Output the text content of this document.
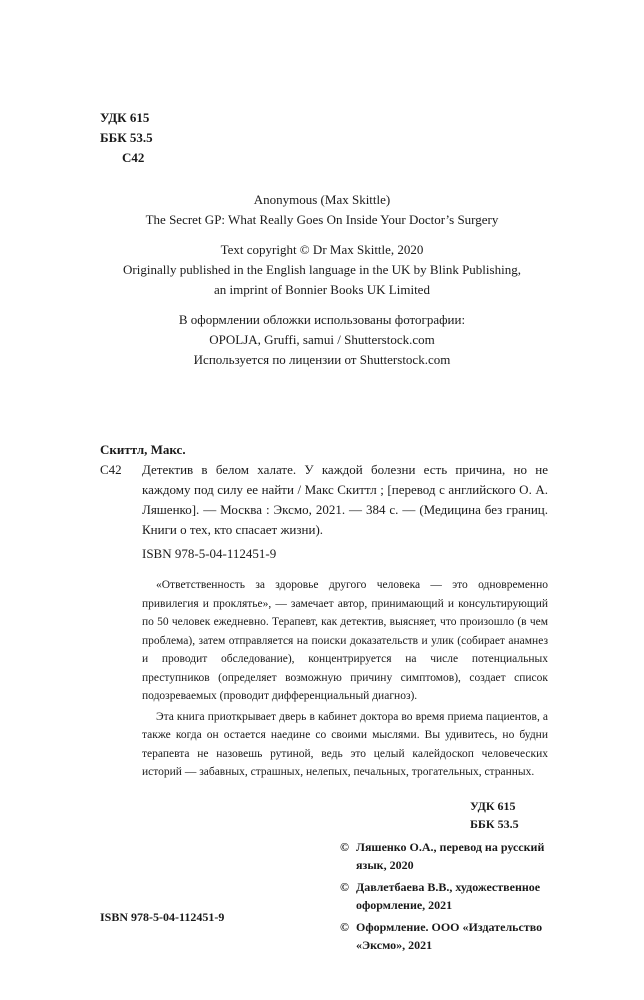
УДК 615
ББК 53.5
С42
Anonymous (Max Skittle)
The Secret GP: What Really Goes On Inside Your Doctor’s Surgery
Text copyright © Dr Max Skittle, 2020
Originally published in the English language in the UK by Blink Publishing,
an imprint of Bonnier Books UK Limited
В оформлении обложки использованы фотографии:
OPOLJA, Gruffi, samui / Shutterstock.com
Используется по лицензии от Shutterstock.com
Скиттл, Макс.
С42	Детектив в белом халате. У каждой болезни есть причина, но не каждому под силу ее найти / Макс Скиттл ; [перевод с английского О. А. Ляшенко]. — Москва : Эксмо, 2021. — 384 с. — (Медицина без границ. Книги о тех, кто спасает жизни).
ISBN 978-5-04-112451-9

«Ответственность за здоровье другого человека — это одновременно привилегия и проклятье», — замечает автор, принимающий и консультирующий по 50 человек ежедневно. Терапевт, как детектив, выясняет, что произошло (в чем проблема), затем отправляется на поиски доказательств и улик (собирает анамнез и проводит обследование), концентрируется на числе потенциальных преступников (определяет возможную причину симптомов), создает список подозреваемых (проводит дифференциальный диагноз).

Эта книга приоткрывает дверь в кабинет доктора во время приема пациентов, а также когда он остается наедине со своими мыслями. Вы удивитесь, но будни терапевта не назовешь рутиной, ведь это целый калейдоскоп человеческих историй — забавных, страшных, нелепых, печальных, трогательных, странных.

УДК 615
ББК 53.5
© Ляшенко О.А., перевод на русский язык, 2020
© Давлетбаева В.В., художественное оформление, 2021
© Оформление. ООО «Издательство «Эксмо», 2021
ISBN 978-5-04-112451-9
